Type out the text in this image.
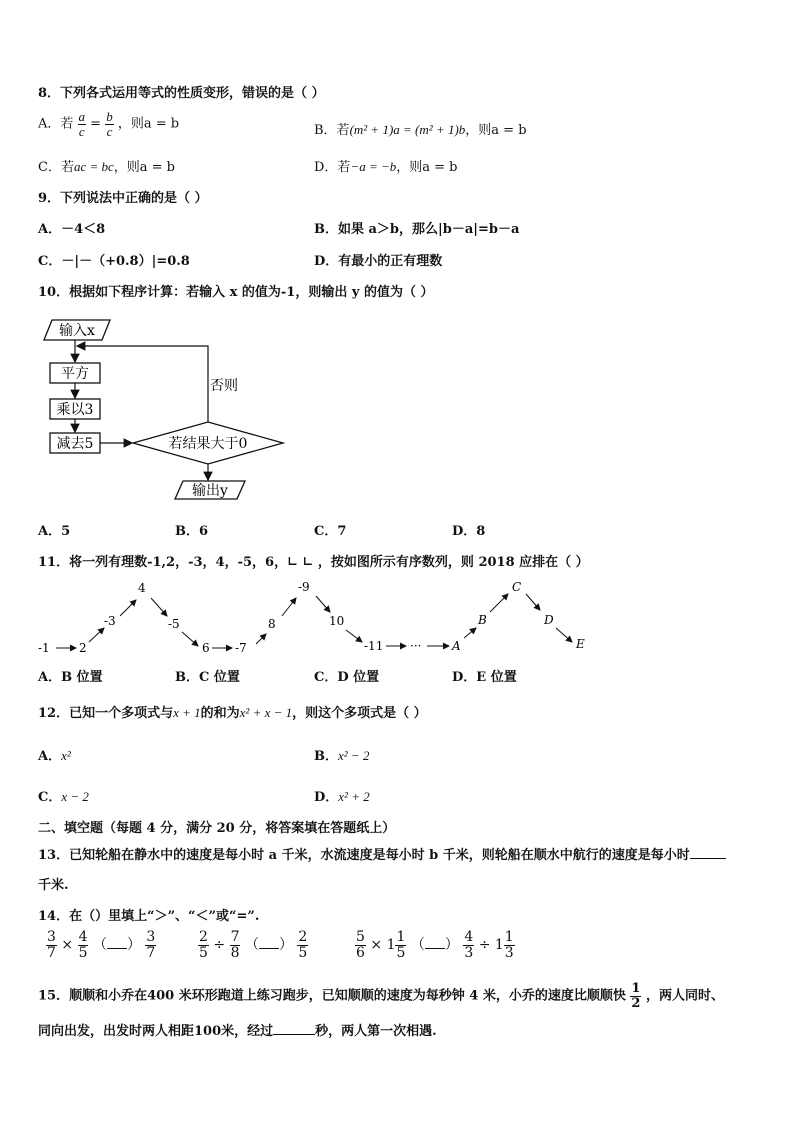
8．下列各式运用等式的性质变形，错误的是（ ）
A．若 $\frac{a}{c} = \frac{b}{c}$ ，则a = b	B．若(m² + 1)a = (m² + 1)b，则a = b
C．若ac = bc，则a = b	D．若−a = −b，则a = b
9．下列说法中正确的是（ ）
A．－4＜8	B．如果 a＞b，那么|b－a|=b－a
C．－|－（+0.8）|=0.8	D．有最小的正有理数
10．根据如下程序计算：若输入 x 的值为-1，则输出 y 的值为（ ）
输入x
否则
平方
乘以3
减去5	若结果大于0
输出y
A．5	B．6	C．7	D．8
11．将一列有理数-1,2，-3，4，-5，6，∟ ∟ ，按如图所示有序数列，则 2018 应排在（ ）
-1 2
-3
4
-5
6 -7
8
-9
10
-11 ···	A
B
C
D
E
A．B 位置	B．C 位置	C．D 位置	D．E 位置
12．已知一个多项式与x + 1的和为x² + x − 1，则这个多项式是（ ）
A．x²	B．x² − 2
C．x − 2	D．x² + 2
二、填空题（每题 4 分，满分 20 分，将答案填在答题纸上）
13．已知轮船在静水中的速度是每小时 a 千米，水流速度是每小时 b 千米，则轮船在顺水中航行的速度是每小时
千米.
14．在（）里填上“＞”、“＜”或“=”.
$\frac{3}{7} \times \frac{4}{5}$ （ ） $\frac{3}{7}$	$\frac{2}{5} \div \frac{7}{8}$ （ ） $\frac{2}{5}$	$\frac{5}{6} \times 1 \frac{1}{5}$ （ ） $\frac{4}{3} \div 1 \frac{1}{3}$
15．顺顺和小乔在400 米环形跑道上练习跑步，已知顺顺的速度为每秒钟 4 米，小乔的速度比顺顺快 $\frac{1}{2}$ ，两人同时、
同向出发，出发时两人相距100米，经过	秒，两人第一次相遇.
